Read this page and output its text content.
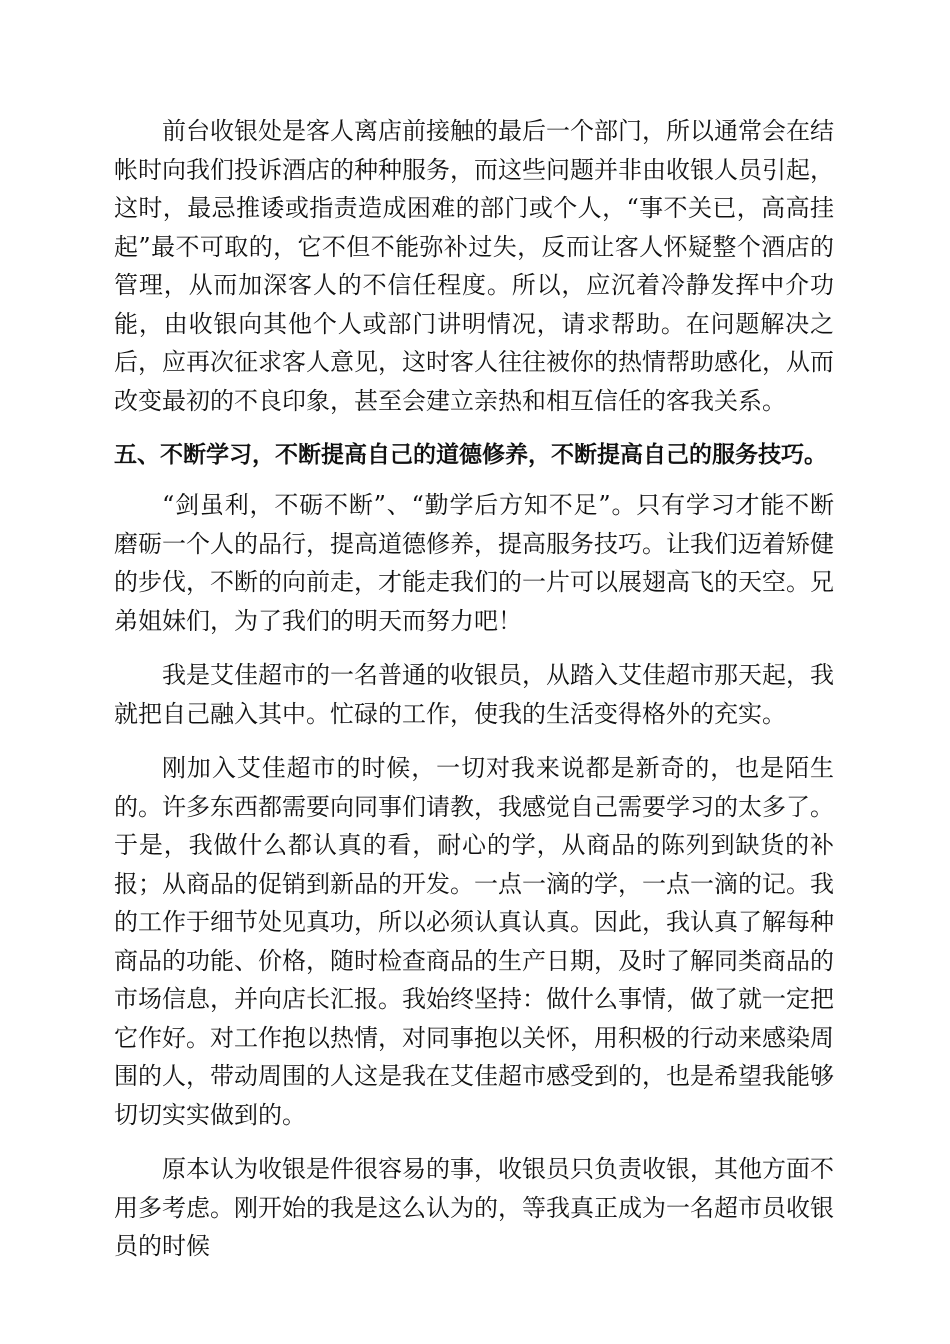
前台收银处是客人离店前接触的最后一个部门，所以通常会在结帐时向我们投诉酒店的种种服务，而这些问题并非由收银人员引起，这时，最忌推诿或指责造成困难的部门或个人，“事不关已，高高挂起”最不可取的，它不但不能弥补过失，反而让客人怀疑整个酒店的管理，从而加深客人的不信任程度。所以，应沉着冷静发挥中介功能，由收银向其他个人或部门讲明情况，请求帮助。在问题解决之后，应再次征求客人意见，这时客人往往被你的热情帮助感化，从而改变最初的不良印象，甚至会建立亲热和相互信任的客我关系。

五、不断学习，不断提高自己的道德修养，不断提高自己的服务技巧。

“剑虽利，不砺不断”、“勤学后方知不足”。只有学习才能不断磨砺一个人的品行，提高道德修养，提高服务技巧。让我们迈着矫健的步伐，不断的向前走，才能走我们的一片可以展翅高飞的天空。兄弟姐妹们，为了我们的明天而努力吧！

我是艾佳超市的一名普通的收银员，从踏入艾佳超市那天起，我就把自己融入其中。忙碌的工作，使我的生活变得格外的充实。

刚加入艾佳超市的时候，一切对我来说都是新奇的，也是陌生的。许多东西都需要向同事们请教，我感觉自己需要学习的太多了。于是，我做什么都认真的看，耐心的学，从商品的陈列到缺货的补报；从商品的促销到新品的开发。一点一滴的学，一点一滴的记。我的工作于细节处见真功，所以必须认真认真。因此，我认真了解每种商品的功能、价格，随时检查商品的生产日期，及时了解同类商品的市场信息，并向店长汇报。我始终坚持：做什么事情，做了就一定把它作好。对工作抱以热情，对同事抱以关怀，用积极的行动来感染周围的人，带动周围的人这是我在艾佳超市感受到的，也是希望我能够切切实实做到的。

原本认为收银是件很容易的事，收银员只负责收银，其他方面不用多考虑。刚开始的我是这么认为的，等我真正成为一名超市员收银员的时候
